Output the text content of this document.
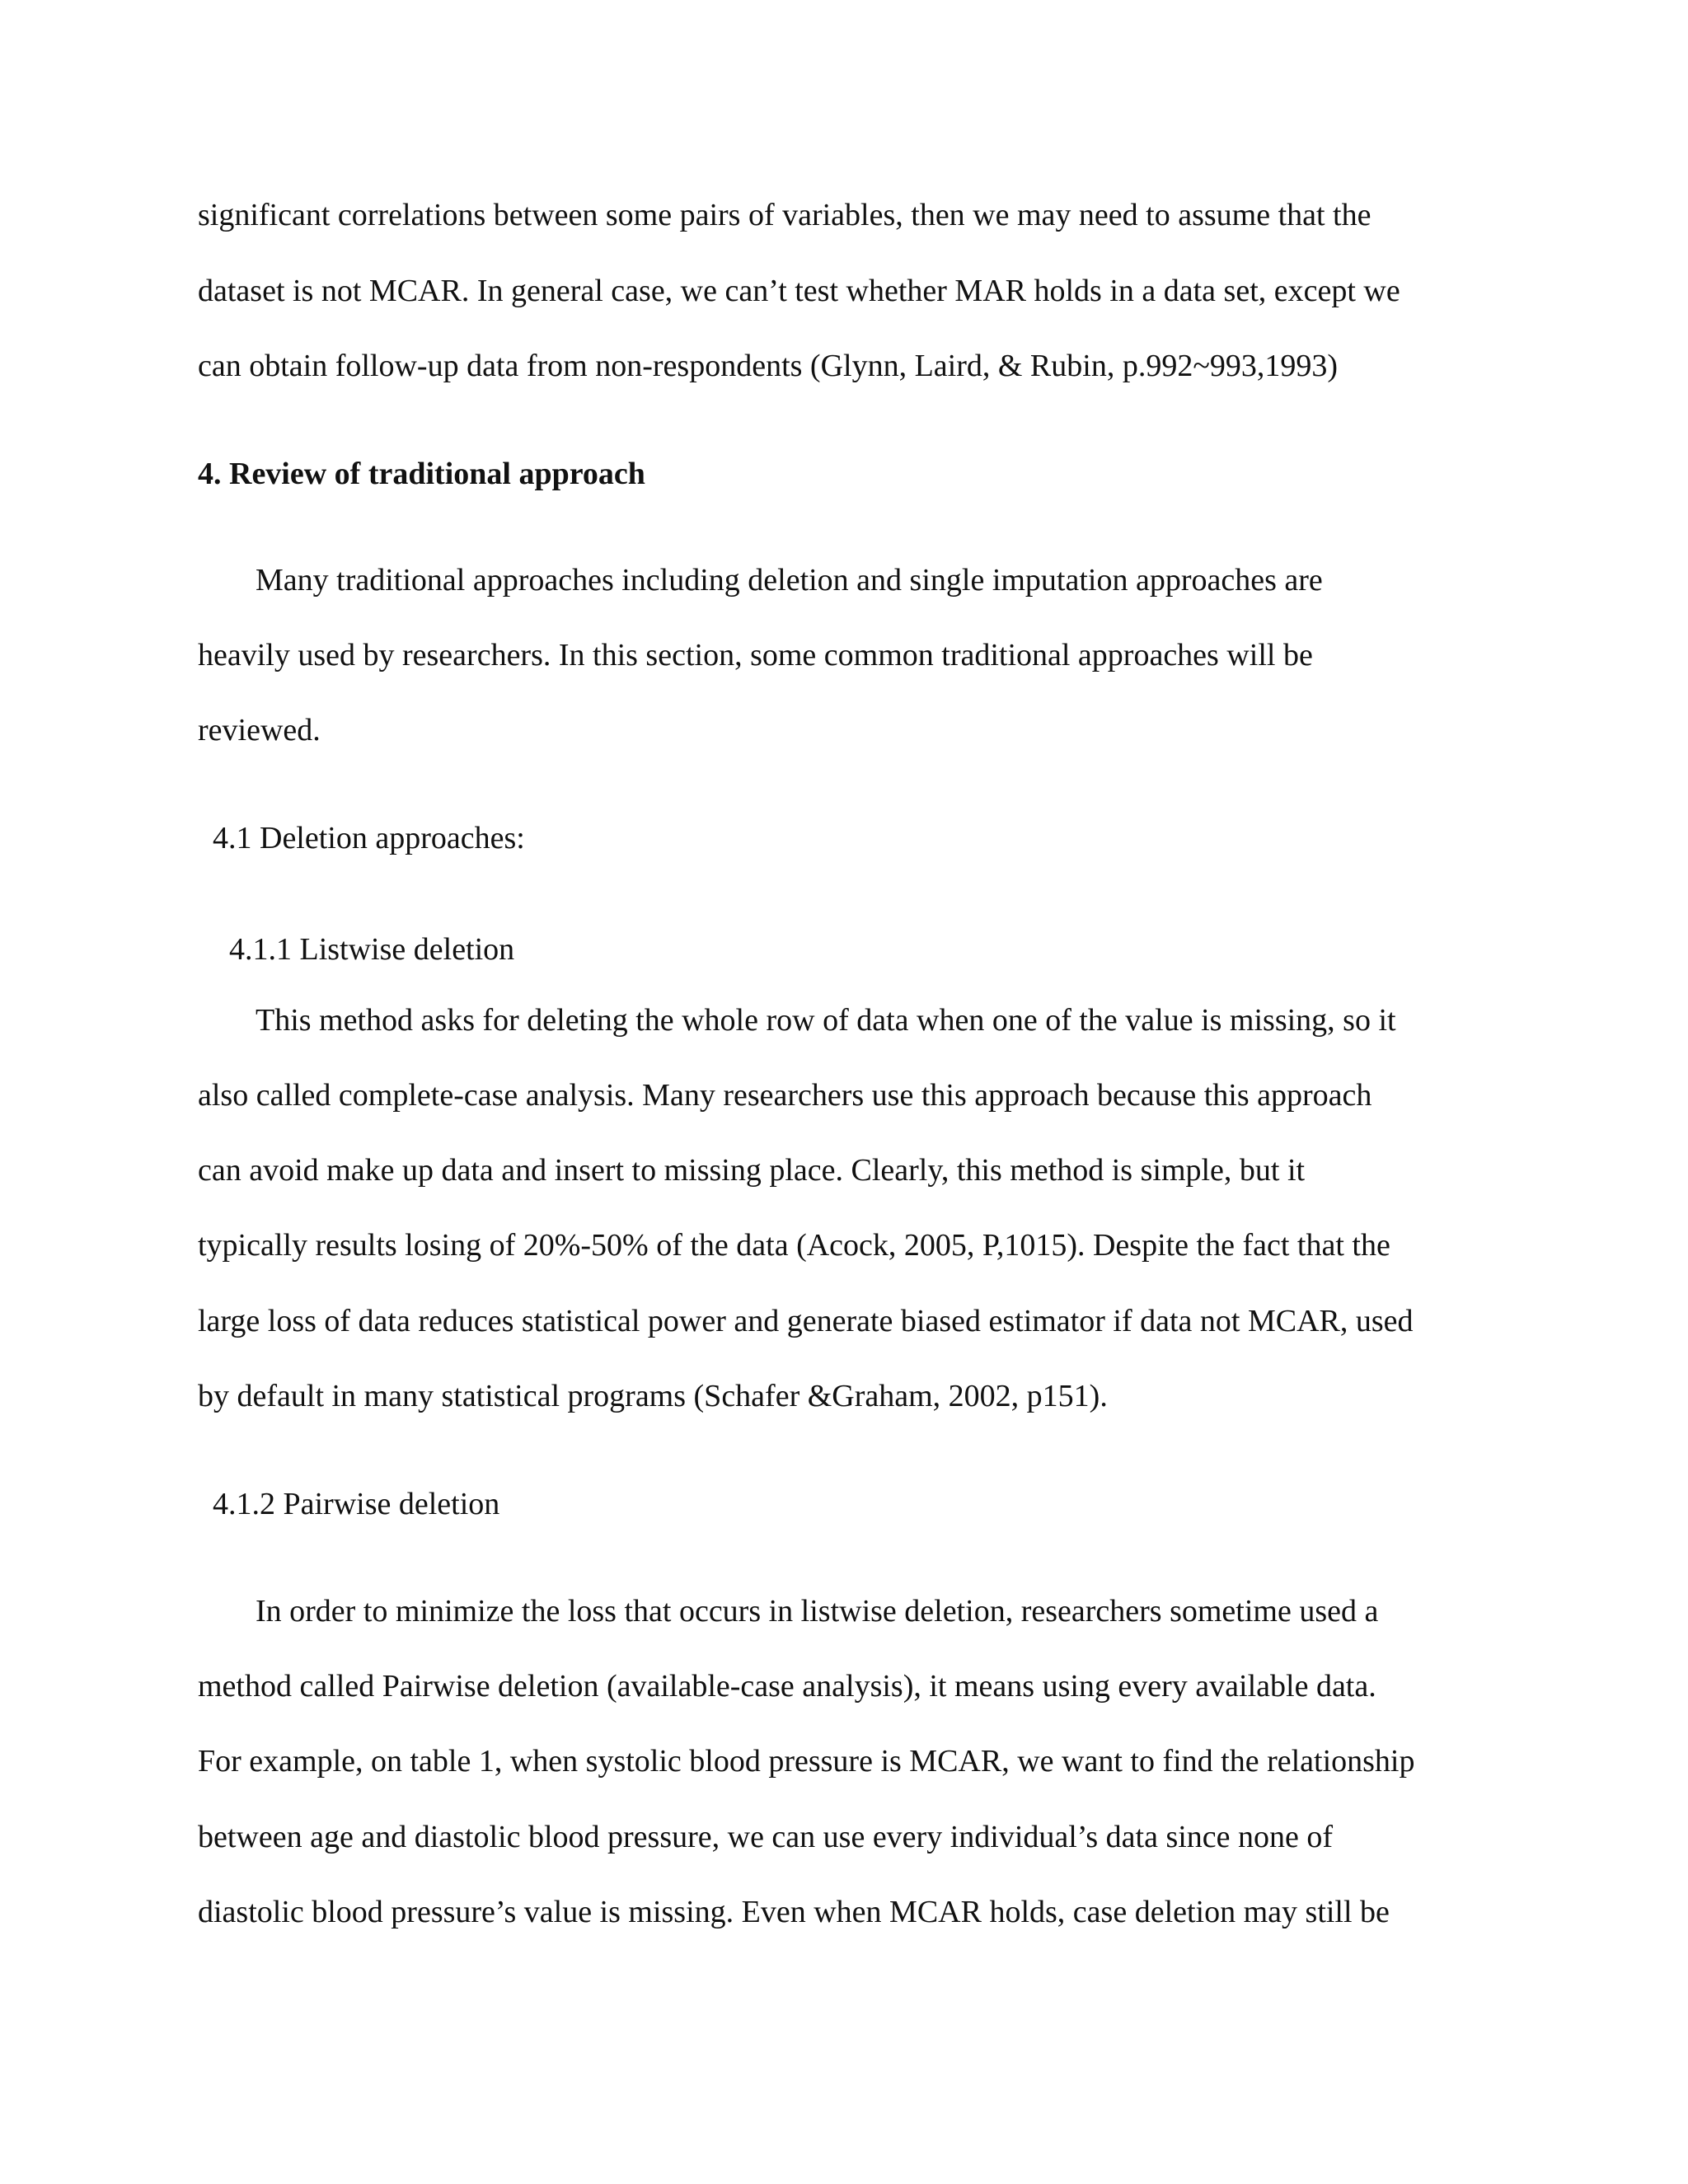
significant correlations between some pairs of variables, then we may need to assume that the
dataset is not MCAR. In general case, we can’t test whether MAR holds in a data set, except we
can obtain follow-up data from non-respondents (Glynn, Laird, & Rubin, p.992~993,1993)
4. Review of traditional approach
Many traditional approaches including deletion and single imputation approaches are
heavily used by researchers. In this section, some common traditional approaches will be
reviewed.
4.1 Deletion approaches:
4.1.1 Listwise deletion
This method asks for deleting the whole row of data when one of the value is missing, so it
also called complete-case analysis. Many researchers use this approach because this approach
can avoid make up data and insert to missing place. Clearly, this method is simple, but it
typically results losing of 20%-50% of the data (Acock, 2005, P,1015). Despite the fact that the
large loss of data reduces statistical power and generate biased estimator if data not MCAR, used
by default in many statistical programs (Schafer &Graham, 2002, p151).
4.1.2 Pairwise deletion
In order to minimize the loss that occurs in listwise deletion, researchers sometime used a
method called Pairwise deletion (available-case analysis), it means using every available data.
For example, on table 1, when systolic blood pressure is MCAR, we want to find the relationship
between age and diastolic blood pressure, we can use every individual’s data since none of
diastolic blood pressure’s value is missing. Even when MCAR holds, case deletion may still be
